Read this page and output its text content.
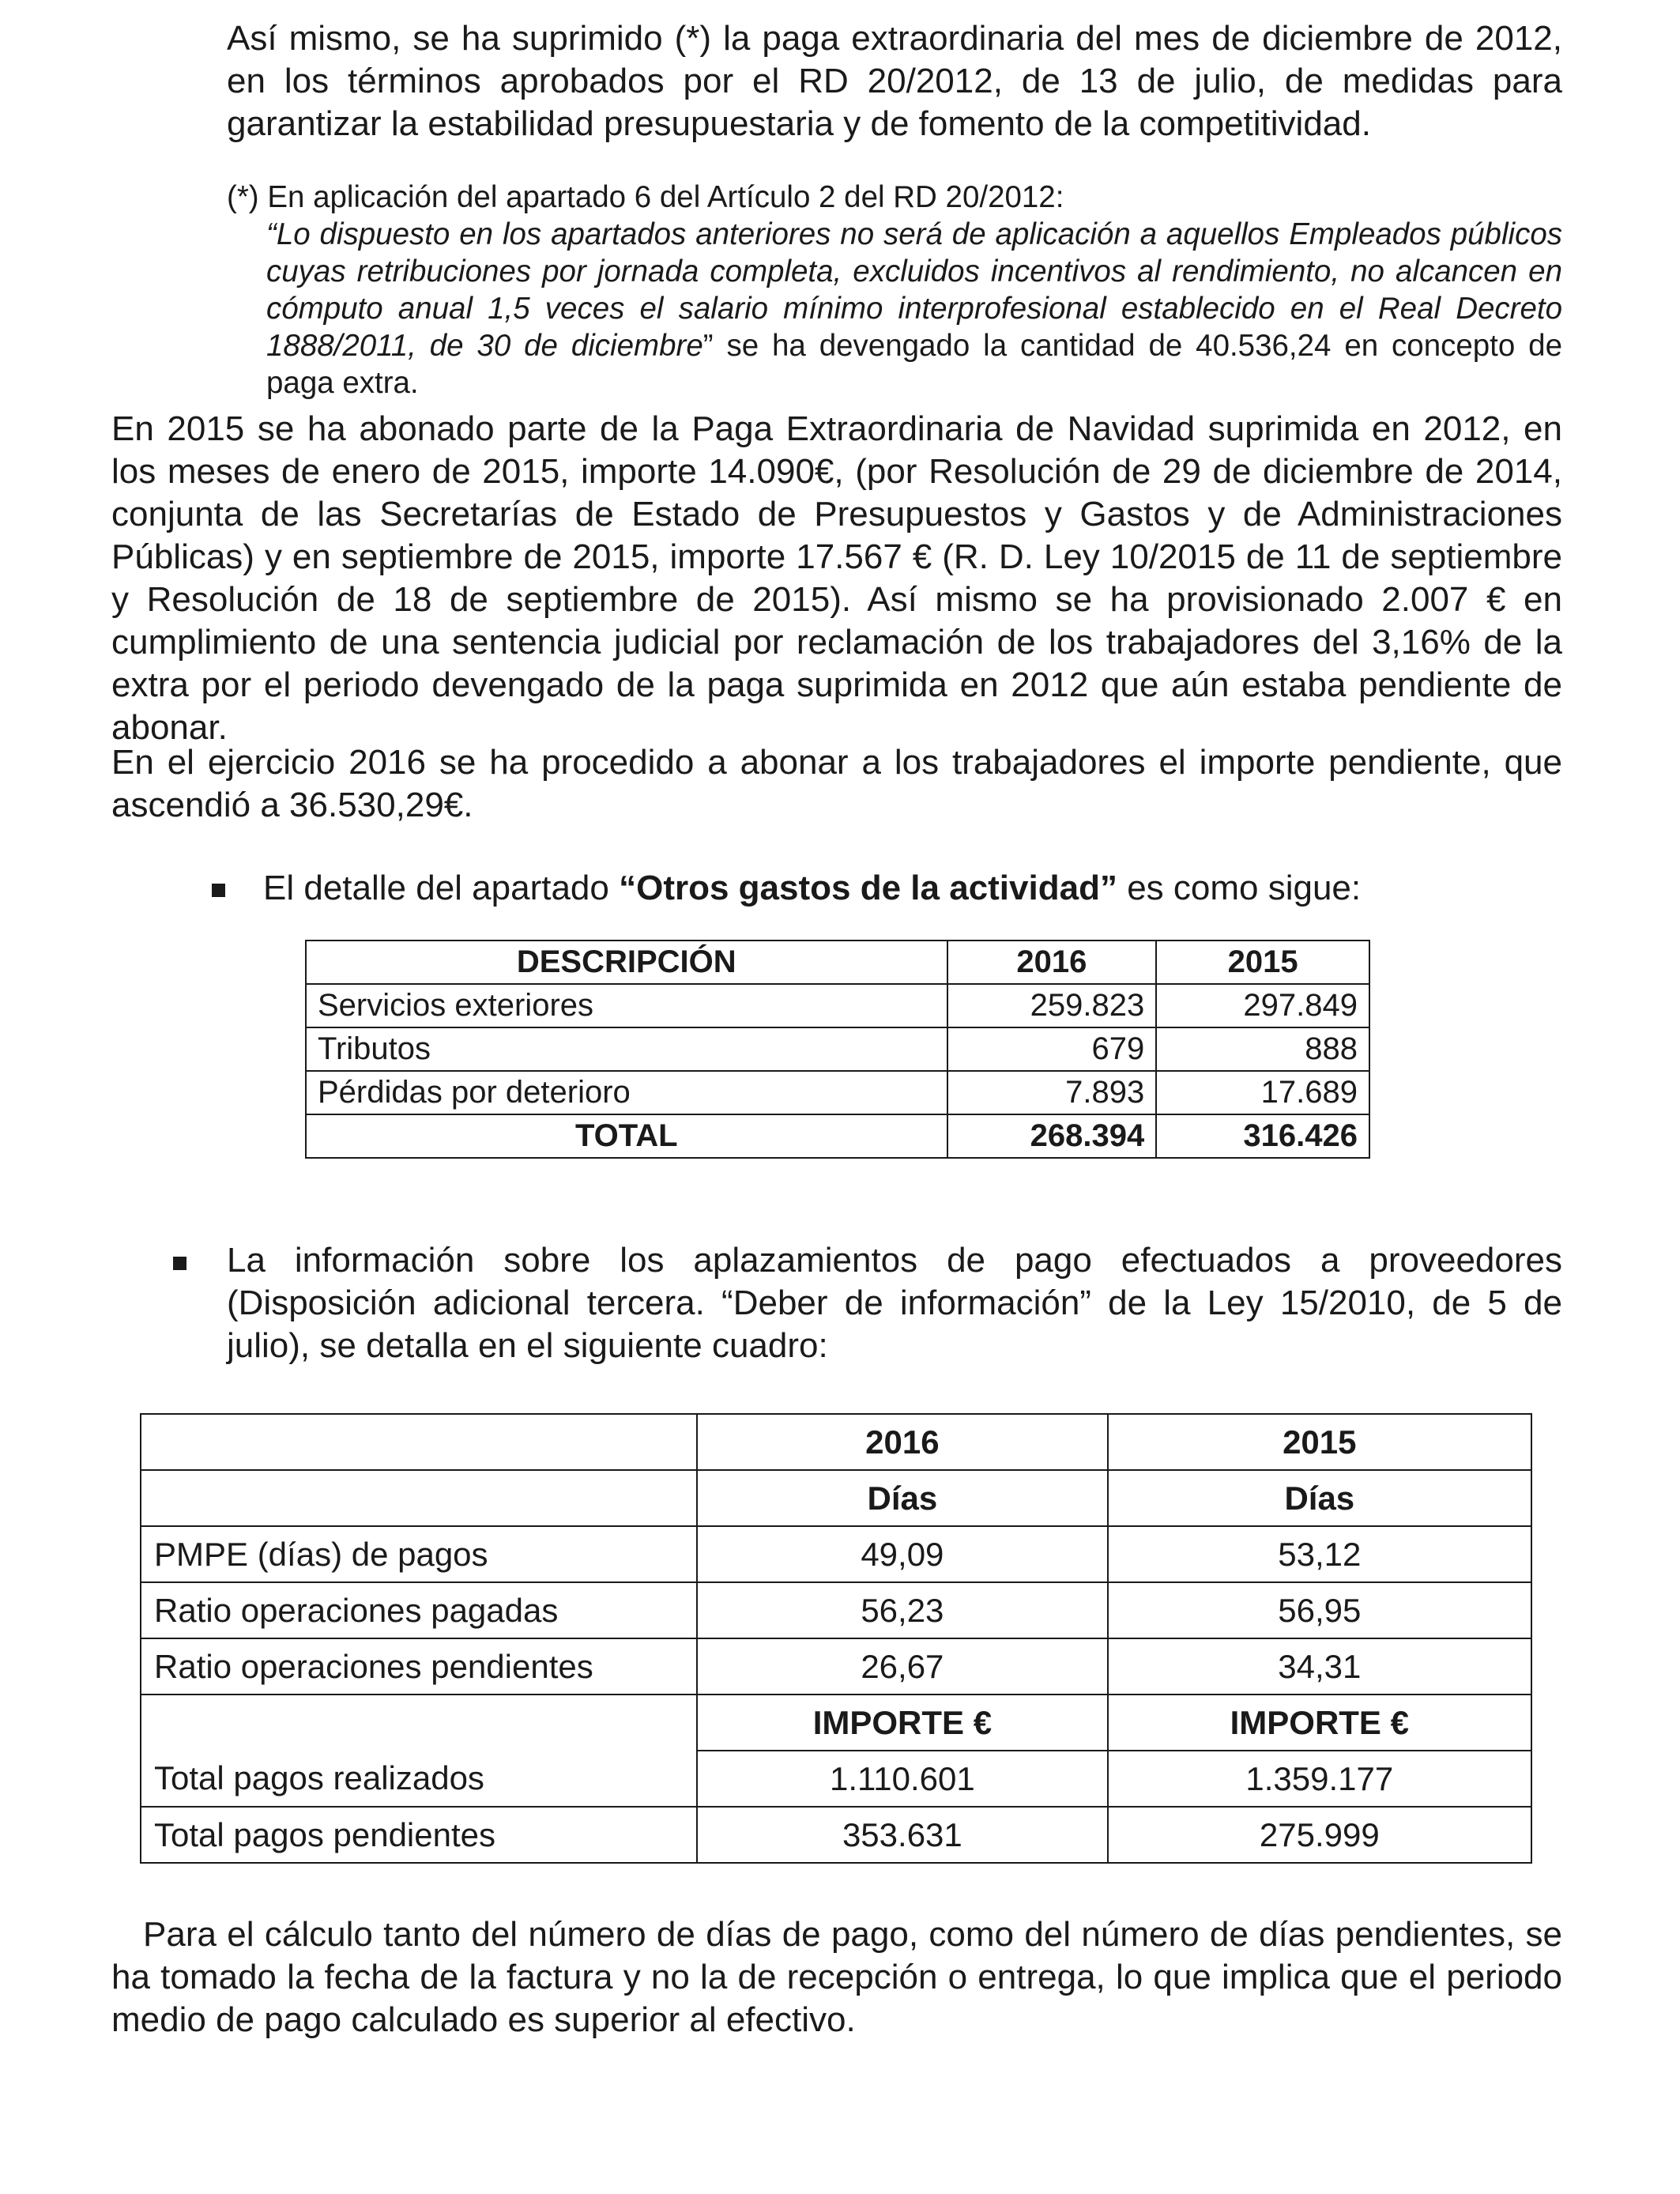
Así mismo, se ha suprimido (*) la paga extraordinaria del mes de diciembre de 2012, en los términos aprobados por el RD 20/2012, de 13 de julio, de medidas para garantizar la estabilidad presupuestaria y de fomento de la competitividad.
(*) En aplicación del apartado 6 del Artículo 2 del RD 20/2012:
“Lo dispuesto en los apartados anteriores no será de aplicación a aquellos Empleados públicos cuyas retribuciones por jornada completa, excluidos incentivos al rendimiento, no alcancen en cómputo anual 1,5 veces el salario mínimo interprofesional establecido en el Real Decreto 1888/2011, de 30 de diciembre” se ha devengado la cantidad de 40.536,24 en concepto de paga extra.
En 2015 se ha abonado parte de la Paga Extraordinaria de Navidad suprimida en 2012, en los meses de enero de 2015, importe 14.090€, (por Resolución de 29 de diciembre de 2014, conjunta de las Secretarías de Estado de Presupuestos y Gastos y de Administraciones Públicas) y en septiembre de 2015, importe 17.567 € (R. D. Ley 10/2015 de 11 de septiembre y Resolución de 18 de septiembre de 2015). Así mismo se ha provisionado 2.007 € en cumplimiento de una sentencia judicial por reclamación de los trabajadores del 3,16% de la extra por el periodo devengado de la paga suprimida en 2012 que aún estaba pendiente de abonar.
En el ejercicio 2016 se ha procedido a abonar a los trabajadores el importe pendiente, que ascendió a 36.530,29€.
El detalle del apartado “Otros gastos de la actividad” es como sigue:
DESCRIPCIÓN	2016	2015
Servicios exteriores	259.823	297.849
Tributos	679	888
Pérdidas por deterioro	7.893	17.689
TOTAL	268.394	316.426
La información sobre los aplazamientos de pago efectuados a proveedores (Disposición adicional tercera. “Deber de información” de la Ley 15/2010, de 5 de julio), se detalla en el siguiente cuadro:
	2016	2015
	Días	Días
PMPE (días) de pagos	49,09	53,12
Ratio operaciones pagadas	56,23	56,95
Ratio operaciones pendientes	26,67	34,31
	IMPORTE €	IMPORTE €
Total pagos realizados	1.110.601	1.359.177
Total pagos pendientes	353.631	275.999
Para el cálculo tanto del número de días de pago, como del número de días pendientes, se ha tomado la fecha de la factura y no la de recepción o entrega, lo que implica que el periodo medio de pago calculado es superior al efectivo.
